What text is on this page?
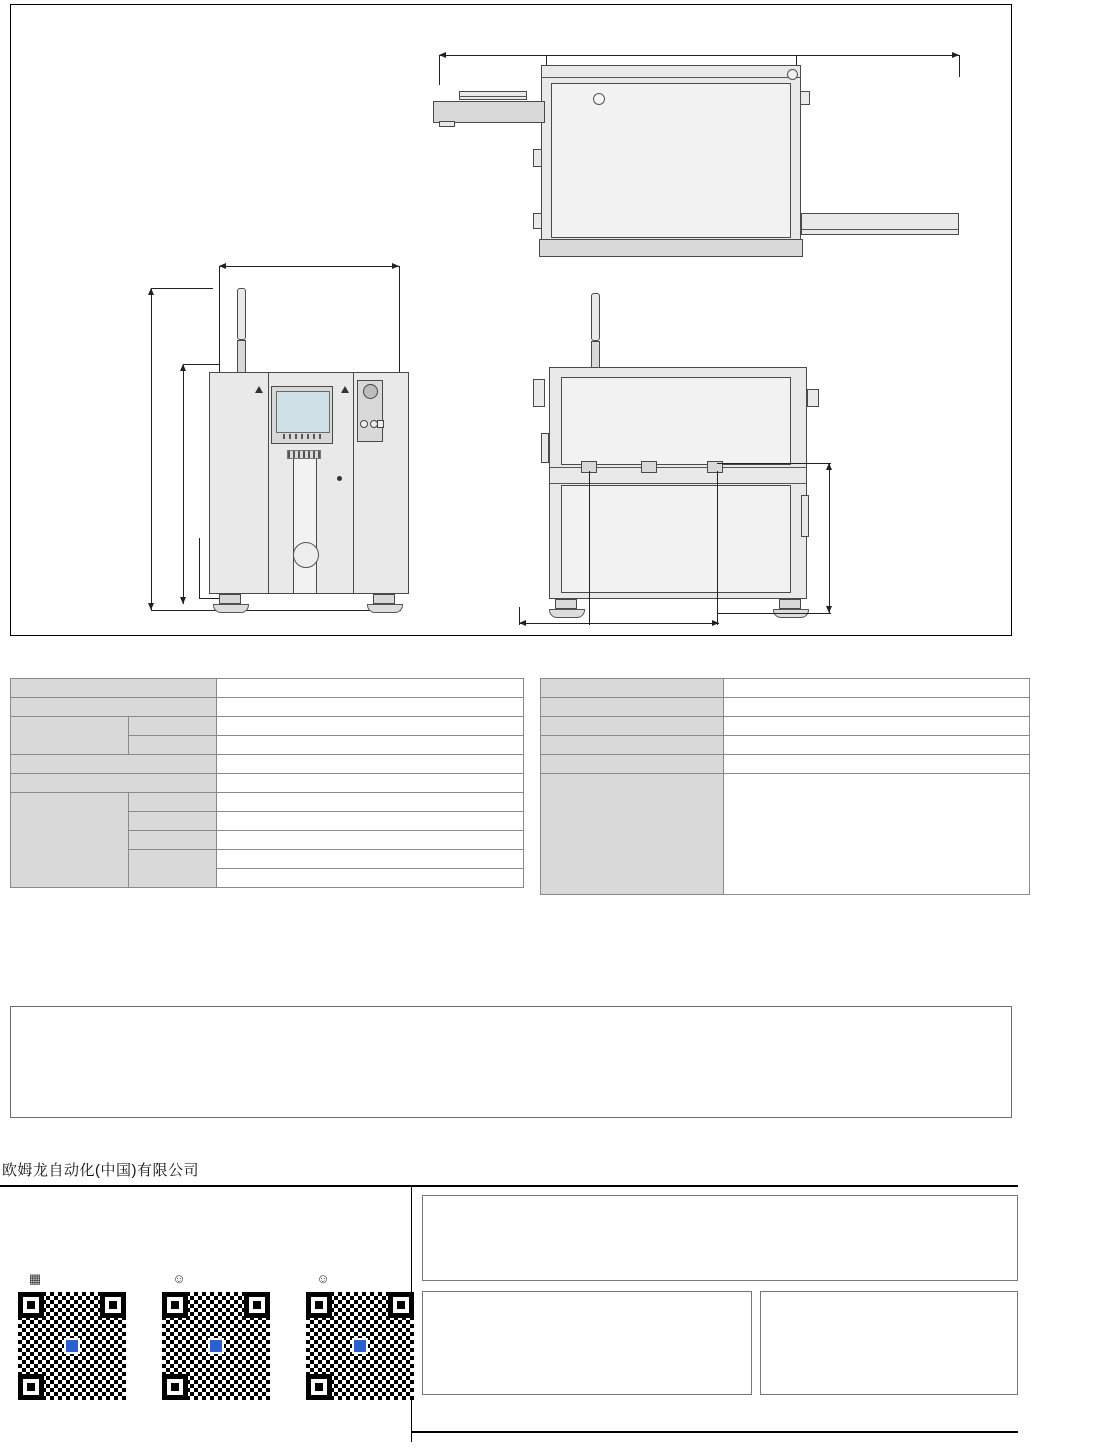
欧姆龙自动化(中国)有限公司
▦	☺	☺
